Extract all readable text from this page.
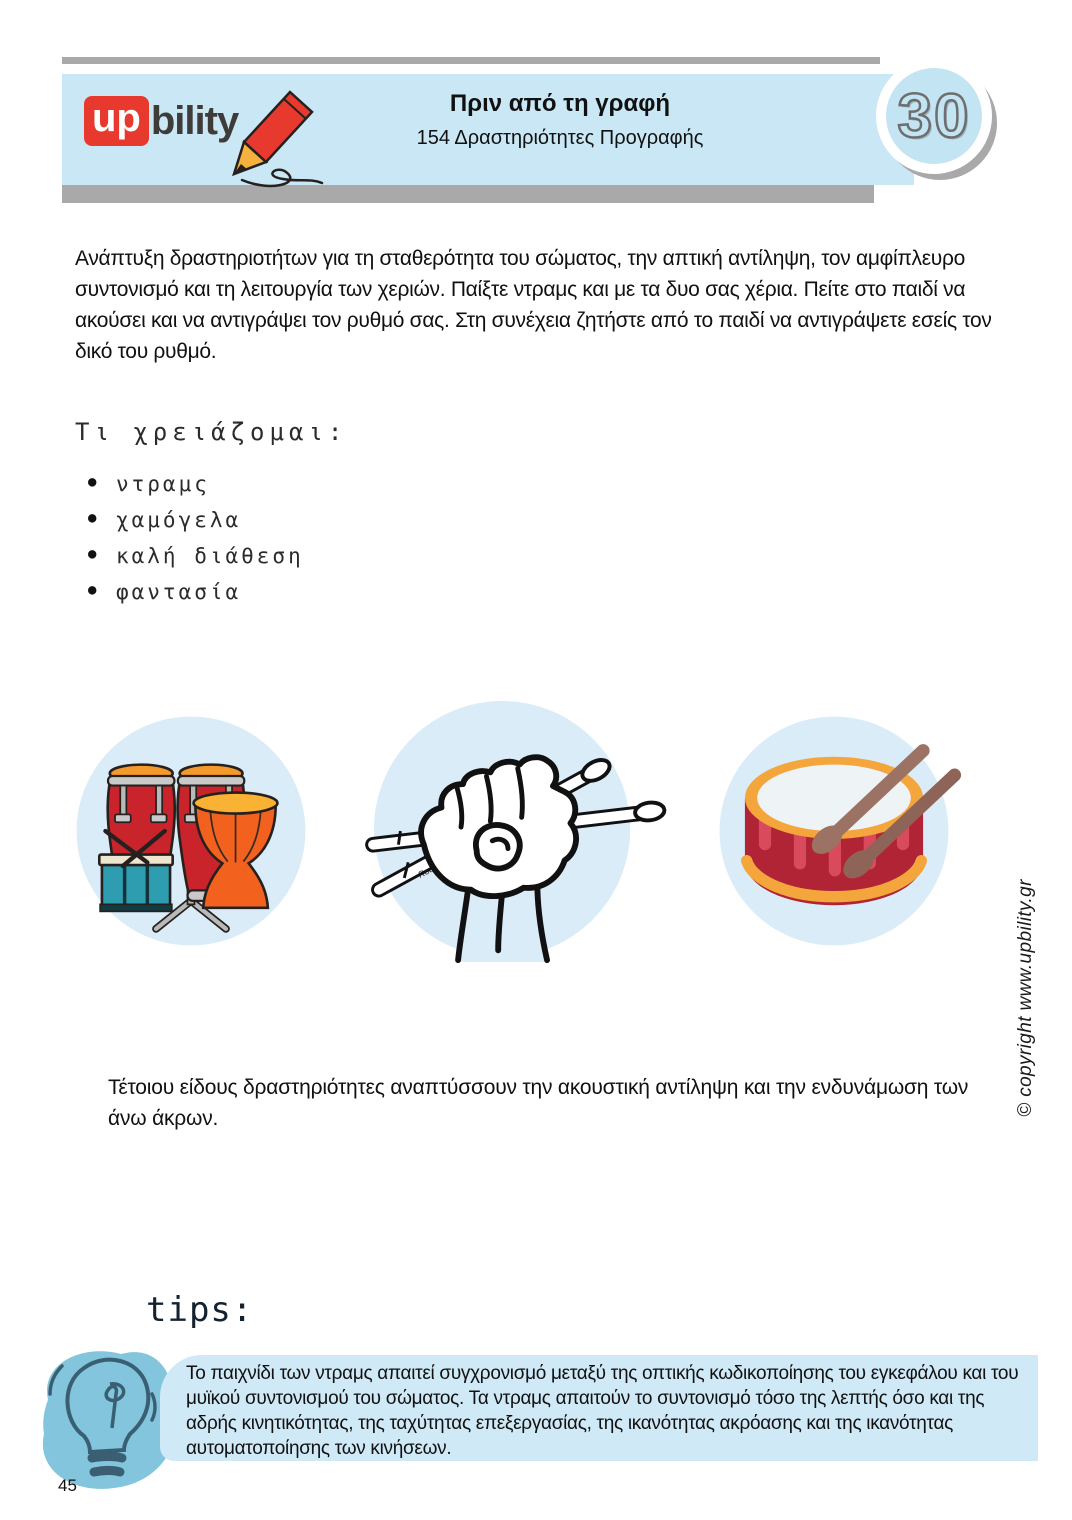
up bility	Πριν από τη γραφή
154 Δραστηριότητες Προγραφής	30
Ανάπτυξη δραστηριοτήτων για τη σταθερότητα του σώματος, την απτική αντίληψη, τον αμφίπλευρο συντονισμό και τη λειτουργία των χεριών. Παίξτε ντραμς και με τα δυο σας χέρια. Πείτε στο παιδί να ακούσει και να αντιγράψει τον ρυθμό σας. Στη συνέχεια ζητήστε από το παιδί να αντιγράψετε εσείς τον δικό του ρυθμό.
Τι χρειάζομαι:
● ντραμς
● χαμόγελα
● καλή διάθεση
● φαντασία
Rock
Τέτοιου είδους δραστηριότητες αναπτύσσουν την ακουστική αντίληψη και την ενδυνάμωση των άνω άκρων.
© copyright www.upbility.gr
tips:
Το παιχνίδι των ντραμς απαιτεί συγχρονισμό μεταξύ της οπτικής κωδικοποίησης του εγκεφάλου και του μυϊκού συντονισμού του σώματος. Τα ντραμς απαιτούν το συντονισμό τόσο της λεπτής όσο και της αδρής κινητικότητας, της ταχύτητας επεξεργασίας, της ικανότητας ακρόασης και της ικανότητας αυτοματοποίησης των κινήσεων.
45
